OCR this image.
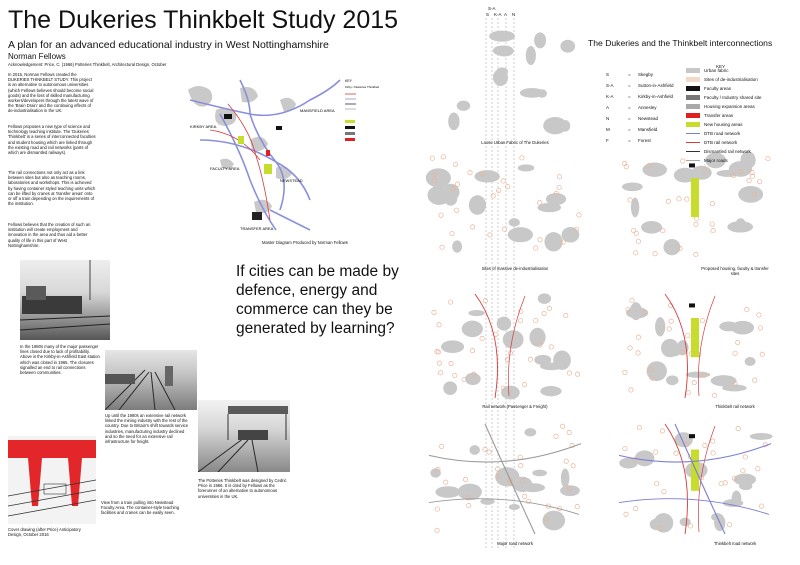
The Dukeries Thinkbelt Study 2015
A plan for an advanced educational industry in West Nottinghamshire
Norman Fellows
Acknowledgement: Price, C. (1966) Potteries Thinkbelt, Architectural Design, October
In 2015, Norman Fellows created the DUKERIES THINKBELT STUDY. This project is an alternative to autonomous universities (which Fellows believes should become social goods) and the loss of skilled manufacturing workers/developers through the latest wave of the 'Brain Drain' and the continuing effects of de-industrialisation in the UK.
Fellows proposes a new type of science and technology teaching institute. The 'Dukeries Thinkbelt' is a series of interconnected faculties and student housing which are linked through the existing road and rail networks (parts of which are dismantled railways).
The rail connections not only act as a link between sites but also as teaching rooms, laboratories and workshops. This is achieved by having container styled teaching units which can be lifted by cranes at 'transfer areas' onto or off a train depending on the requirements of the institution.
Fellows believes that the creation of such an institution will create employment and innovation in the area and thus aid a better quality of life in this part of West Nottinghamshire.
MANSFIELD AREA
KIRKBY AREA
NEWSTEAD
TRANSFER AREA
FACULTY AREA
KEY
Kirby / Dukeries Thinkbelt
Master Diagram Produced by Norman Fellows
In the 1980s many of the major passenger lines closed due to lack of profitability. Above is the Kirkby-in-Ashfield East station which was closed in 1965. The closures signalled an end to rail connections between communities.
Up until the 1980s an extensive rail network linked the mining industry with the rest of the country. Due to Britain's shift towards service industries, manufacturing industry declined and so the need for an extensive rail infrastructure for freight.
The Potteries Thinkbelt was designed by Cedric Price in 1966. It is cited by Fellows as the forerunner of an alternative to autonomous universities in the UK.
Cover drawing (after Price) Anticipatory Design, October 2016
View from a train pulling into Newstead Faculty Area. The container-style teaching facilities and cranes can be easily seen.
If cities can be made by defence, energy and commerce can they be generated by learning?
The Dukeries and the Thinkbelt interconnections
S-A
S K-A A N
Loose Urban Fabric of The Dukeries
Sites of massive de-industrialisation	Proposed housing, faculty & transfer sites
Rail network (Passenger & Freight)	Thinkbelt rail network
Major road network	Thinkbelt road network
KEY
S	= Skegby
S-A	= Sutton-in-Ashfield
K-A	= Kirkby-in-Ashfield
A	= Annesley
N	= Newstead
M	= Mansfield
F	= Forest
Urban fabric
Sites of de-industrialisation
Faculty areas
Faculty / Industry shared site
Housing expansion areas
Transfer areas
New housing areas
DTB road network
DTB rail network
Dismantled rail network
Major roads
